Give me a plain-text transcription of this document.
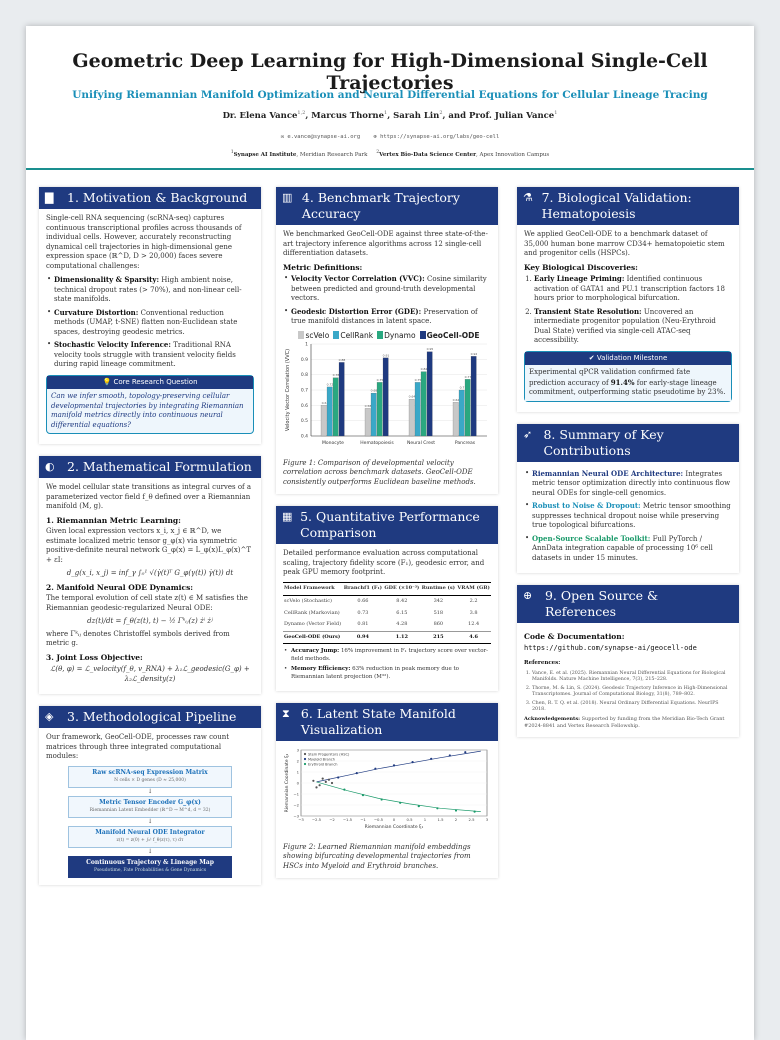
Geometric Deep Learning for High-Dimensional Single-Cell Trajectories
Unifying Riemannian Manifold Optimization and Neural Differential Equations for Cellular Lineage Tracing
Dr. Elena Vance$^{1,2}$, Marcus Thorne$^1$, Sarah Lin$^2$, and Prof. Julian Vance$^1$
✉ e.vance@synapse-ai.org ⊕ https://synapse-ai.org/labs/geo-cell
$^1$Synapse AI Institute, Meridian Research Park $^2$Vertex Bio-Data Science Center, Apex Innovation Campus
▇	1. Motivation & Background

Single-cell RNA sequencing (scRNA-seq) captures continuous transcriptional profiles across thousands of individual cells. However, accurately reconstructing dynamical cell trajectories in high-dimensional gene expression space (ℝ^D, D > 20,000) faces severe computational challenges:

• Dimensionality & Sparsity: High ambient noise, technical dropout rates (> 70%), and non-linear cell-state manifolds.
• Curvature Distortion: Conventional reduction methods (UMAP, t-SNE) flatten non-Euclidean state spaces, destroying geodesic metrics.
• Stochastic Velocity Inference: Traditional RNA velocity tools struggle with transient velocity fields during rapid lineage commitment.
💡 Core Research Question
Can we infer smooth, topology-preserving cellular developmental trajectories by integrating Riemannian manifold metrics directly into continuous neural differential equations?
◐ 2. Mathematical Formulation

We model cellular state transitions as integral curves of a parameterized vector field f_θ defined over a Riemannian manifold (M, g).

1. Riemannian Metric Learning:

Given local expression vectors x_i, x_j ∈ ℝ^D, we estimate localized metric tensor g_φ(x) via symmetric positive-definite neural network G_φ(x) = L_φ(x)L_φ(x)^T + εI:

d_g(x_i, x_j) = inf_γ ∫₀¹ √(γ̇(t)ᵀ G_φ(γ(t)) γ̇(t)) dt
2. Manifold Neural ODE Dynamics:

The temporal evolution of cell state z(t) ∈ M satisfies the Riemannian geodesic-regularized Neural ODE:

dz(t)/dt = f_θ(z(t), t) − ½ Γᵏᵢⱼ(z) żⁱ żʲ

where Γᵏᵢⱼ denotes Christoffel symbols derived from metric g.

3. Joint Loss Objective:
ℒ(θ, φ) = ℒ_velocity(f_θ, v_RNA) + λ₁ℒ_geodesic(G_φ) + λ₂ℒ_density(z)
◈	3. Methodological Pipeline

Our framework, GeoCell-ODE, processes raw count matrices through three integrated computational modules:

Raw scRNA-seq Expression Matrix
N cells × D genes (D ≈ 25,000)
↓
Metric Tensor Encoder G_φ(x)
Riemannian Latent Embedder (ℝ^D → M^d, d = 32)
↓
Manifold Neural ODE Integrator
z(t) = z(0) + ∫₀ᵗ f_θ(z(τ), τ) dτ
↓
Continuous Trajectory & Lineage Map
Pseudotime, Fate Probabilities & Gene Dynamics
▥ 4. Benchmark Trajectory Accuracy

We benchmarked GeoCell-ODE against three state-of-the-art trajectory inference algorithms across 12 single-cell differentiation datasets.

Metric Definitions:
• Velocity Vector Correlation (VVC): Cosine similarity between predicted and ground-truth developmental vectors.
• Geodesic Distortion Error (GDE): Preservation of true manifold distances in latent space.
scVelo CellRank Dynamo GeoCell-ODE
Velocity Vector Correlation (VVC)
0.4
0.5
0.6
0.7
0.8
0.9
1
0.6
0.72
0.78
0.88
Monocyte
0.58
0.68
0.75
0.91
Hematopoiesis
0.64
0.75
0.82
0.95
Neural Crest
0.62
0.7
0.77
0.92
Pancreas
Figure 1: Comparison of developmental velocity correlation across benchmark datasets. GeoCell-ODE consistently outperforms Euclidean baseline methods.
▦ 5. Quantitative Performance Comparison

Detailed performance evaluation across computational scaling, trajectory fidelity score (F₁), geodesic error, and peak GPU memory footprint.

Model Framework	Branchf1 (F₁)	GDE (×10⁻³)	Runtime (s)	VRAM (GB)
scVelo (Stochastic)	0.66	8.42	342	2.2
CellRank (Markovian)	0.73	6.15	518	3.8
Dynamo (Vector Field)	0.81	4.28	860	12.4
GeoCell-ODE (Ours)	0.94	1.12	215	4.6
• Accuracy Jump: 16% improvement in F₁ trajectory score over vector-field methods.
• Memory Efficiency: 63% reduction in peak memory due to Riemannian latent projection (M³²).
⧗ 6. Latent State Manifold Visualization
−3
−2
−1
0
1
2
3
−3 −2.5 −2 −1.5 −1 −0.5	0	0.5	1	1.5	2	2.5	3
Riemannian Coordinate ξ₁
Riemannian Coordinate ξ₂	Stem Progenitors (HSC)
Myeloid Branch
Erythroid Branch
Figure 2: Learned Riemannian manifold embeddings showing bifurcating developmental trajectories from HSCs into Myeloid and Erythroid branches.
⚗ 7. Biological Validation: Hematopoiesis

We applied GeoCell-ODE to a benchmark dataset of 35,000 human bone marrow CD34+ hematopoietic stem and progenitor cells (HSPCs).

Key Biological Discoveries:
1. Early Lineage Priming: Identified continuous activation of GATA1 and PU.1 transcription factors 18 hours prior to morphological bifurcation.
2. Transient State Resolution: Uncovered an intermediate progenitor population (Neu-Erythroid Dual State) verified via single-cell ATAC-seq accessibility.
✔ Validation Milestone
Experimental qPCR validation confirmed fate prediction accuracy of 91.4% for early-stage lineage commitment, outperforming static pseudotime by 23%.
➶ 8. Summary of Key Contributions
• Riemannian Neural ODE Architecture: Integrates metric tensor optimization directly into continuous flow neural ODEs for single-cell genomics.
• Robust to Noise & Dropout: Metric tensor smoothing suppresses technical dropout noise while preserving true topological bifurcations.
• Open-Source Scalable Toolkit: Full PyTorch / AnnData integration capable of processing 10⁶ cell datasets in under 15 minutes.
⊕	9. Open Source & References
Code & Documentation:
https://github.com/synapse-ai/geocell-ode
References:
1. Vance, E. et al. (2025). Riemannian Neural Differential Equations for Biological Manifolds. Nature Machine Intelligence, 7(3), 215–228.
2. Thorne, M. & Lin, S. (2024). Geodesic Trajectory Inference in High-Dimensional Transcriptomes. Journal of Computational Biology, 31(8), 789–802.
3. Chen, R. T. Q. et al. (2018). Neural Ordinary Differential Equations. NeurIPS 2018.
Acknowledgements: Supported by funding from the Meridian Bio-Tech Grant #2024-8841 and Vertex Research Fellowship.
